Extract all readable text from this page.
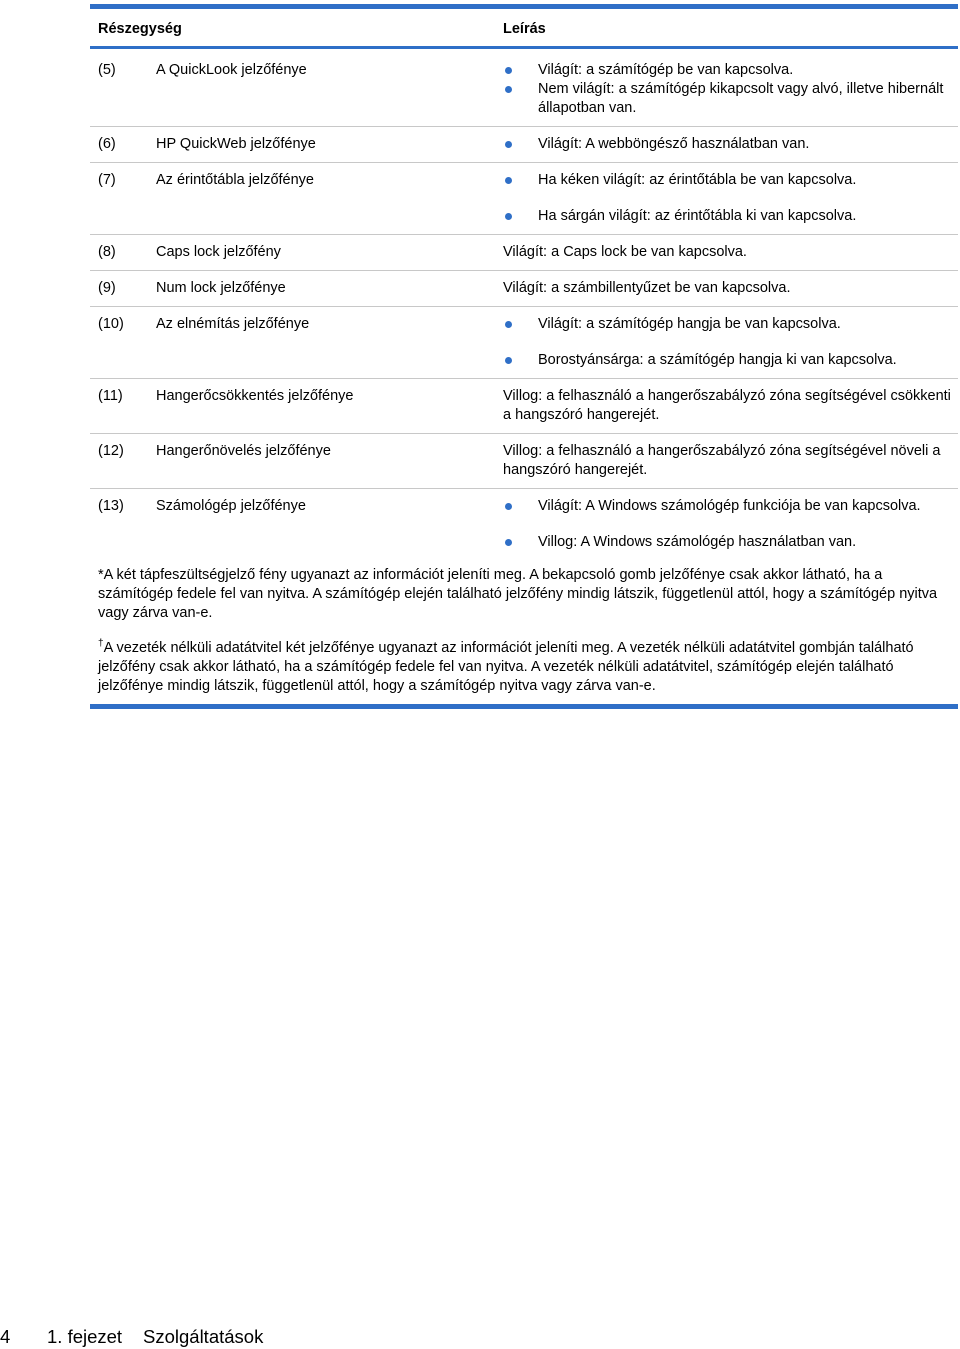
Részegység	Leírás
(5)	A QuickLook jelzőfénye	Világít: a számítógép be van kapcsolva.
Nem világít: a számítógép kikapcsolt vagy alvó, illetve hibernált állapotban van.
(6)	HP QuickWeb jelzőfénye	Világít: A webböngésző használatban van.
(7)	Az érintőtábla jelzőfénye	Ha kéken világít: az érintőtábla be van kapcsolva.
Ha sárgán világít: az érintőtábla ki van kapcsolva.
(8)	Caps lock jelzőfény	Világít: a Caps lock be van kapcsolva.
(9)	Num lock jelzőfénye	Világít: a számbillentyűzet be van kapcsolva.
(10) Az elnémítás jelzőfénye	Világít: a számítógép hangja be van kapcsolva.
Borostyánsárga: a számítógép hangja ki van kapcsolva.
(11) Hangerőcsökkentés jelzőfénye	Villog: a felhasználó a hangerőszabályzó zóna segítségével csökkenti a hangszóró hangerejét.
(12) Hangerőnövelés jelzőfénye	Villog: a felhasználó a hangerőszabályzó zóna segítségével növeli a hangszóró hangerejét.
(13) Számológép jelzőfénye	Világít: A Windows számológép funkciója be van kapcsolva.
Villog: A Windows számológép használatban van.

*A két tápfeszültségjelző fény ugyanazt az információt jeleníti meg. A bekapcsoló gomb jelzőfénye csak akkor látható, ha a számítógép fedele fel van nyitva. A számítógép elején található jelzőfény mindig látszik, függetlenül attól, hogy a számítógép nyitva vagy zárva van-e.

†A vezeték nélküli adatátvitel két jelzőfénye ugyanazt az információt jeleníti meg. A vezeték nélküli adatátvitel gombján található jelzőfény csak akkor látható, ha a számítógép fedele fel van nyitva. A vezeték nélküli adatátvitel, számítógép elején található jelzőfénye mindig látszik, függetlenül attól, hogy a számítógép nyitva vagy zárva van-e.

4 1. fejezet Szolgáltatások
